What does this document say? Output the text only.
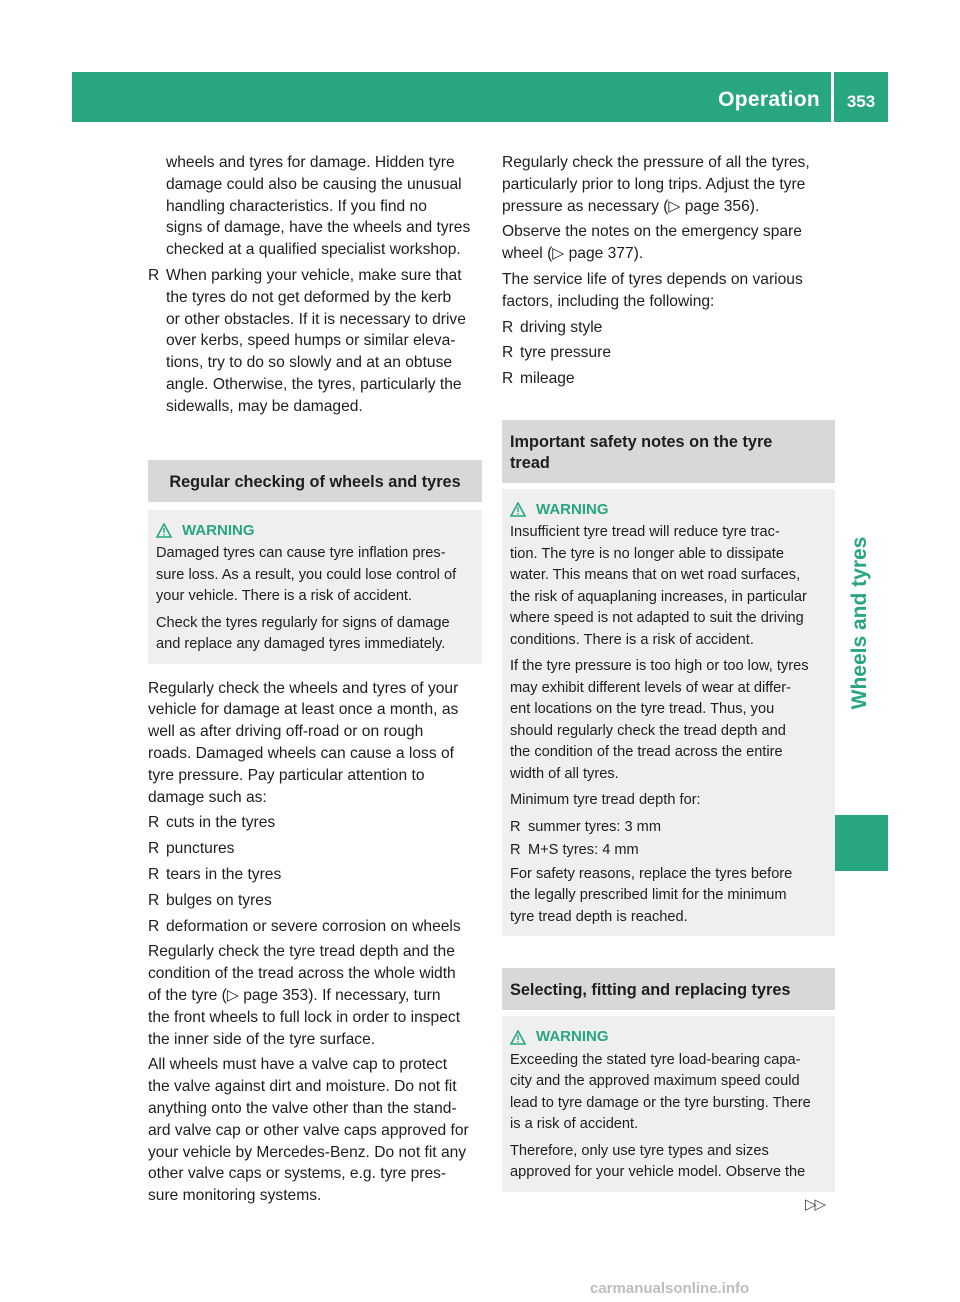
Operation	353
Wheels and tyres

wheels and tyres for damage. Hidden tyre
damage could also be causing the unusual
handling characteristics. If you find no
signs of damage, have the wheels and tyres
checked at a qualified specialist workshop.

R When parking your vehicle, make sure that
the tyres do not get deformed by the kerb
or other obstacles. If it is necessary to drive
over kerbs, speed humps or similar eleva-
tions, try to do so slowly and at an obtuse
angle. Otherwise, the tyres, particularly the
sidewalls, may be damaged.

Regular checking of wheels and tyres
WARNING

Damaged tyres can cause tyre inflation pres-
sure loss. As a result, you could lose control of
your vehicle. There is a risk of accident.

Check the tyres regularly for signs of damage
and replace any damaged tyres immediately.

Regularly check the wheels and tyres of your
vehicle for damage at least once a month, as
well as after driving off-road or on rough
roads. Damaged wheels can cause a loss of
tyre pressure. Pay particular attention to
damage such as:

R cuts in the tyres
R punctures
R tears in the tyres
R bulges on tyres
R deformation or severe corrosion on wheels

Regularly check the tyre tread depth and the
condition of the tread across the whole width
of the tyre (▷ page 353). If necessary, turn
the front wheels to full lock in order to inspect
the inner side of the tyre surface.

All wheels must have a valve cap to protect
the valve against dirt and moisture. Do not fit
anything onto the valve other than the stand-
ard valve cap or other valve caps approved for
your vehicle by Mercedes-Benz. Do not fit any
other valve caps or systems, e.g. tyre pres-
sure monitoring systems.

Regularly check the pressure of all the tyres,
particularly prior to long trips. Adjust the tyre
pressure as necessary (▷ page 356).

Observe the notes on the emergency spare
wheel (▷ page 377).

The service life of tyres depends on various
factors, including the following:

R driving style
R tyre pressure
R mileage
Important safety notes on the tyre
tread
WARNING

Insufficient tyre tread will reduce tyre trac-
tion. The tyre is no longer able to dissipate
water. This means that on wet road surfaces,
the risk of aquaplaning increases, in particular
where speed is not adapted to suit the driving
conditions. There is a risk of accident.

If the tyre pressure is too high or too low, tyres
may exhibit different levels of wear at differ-
ent locations on the tyre tread. Thus, you
should regularly check the tread depth and
the condition of the tread across the entire
width of all tyres.

Minimum tyre tread depth for:

R summer tyres: 3 mm
R M+S tyres: 4 mm

For safety reasons, replace the tyres before
the legally prescribed limit for the minimum
tyre tread depth is reached.

Selecting, fitting and replacing tyres
WARNING

Exceeding the stated tyre load-bearing capa-
city and the approved maximum speed could
lead to tyre damage or the tyre bursting. There
is a risk of accident.

Therefore, only use tyre types and sizes
approved for your vehicle model. Observe the

▷▷
carmanualsonline.info
